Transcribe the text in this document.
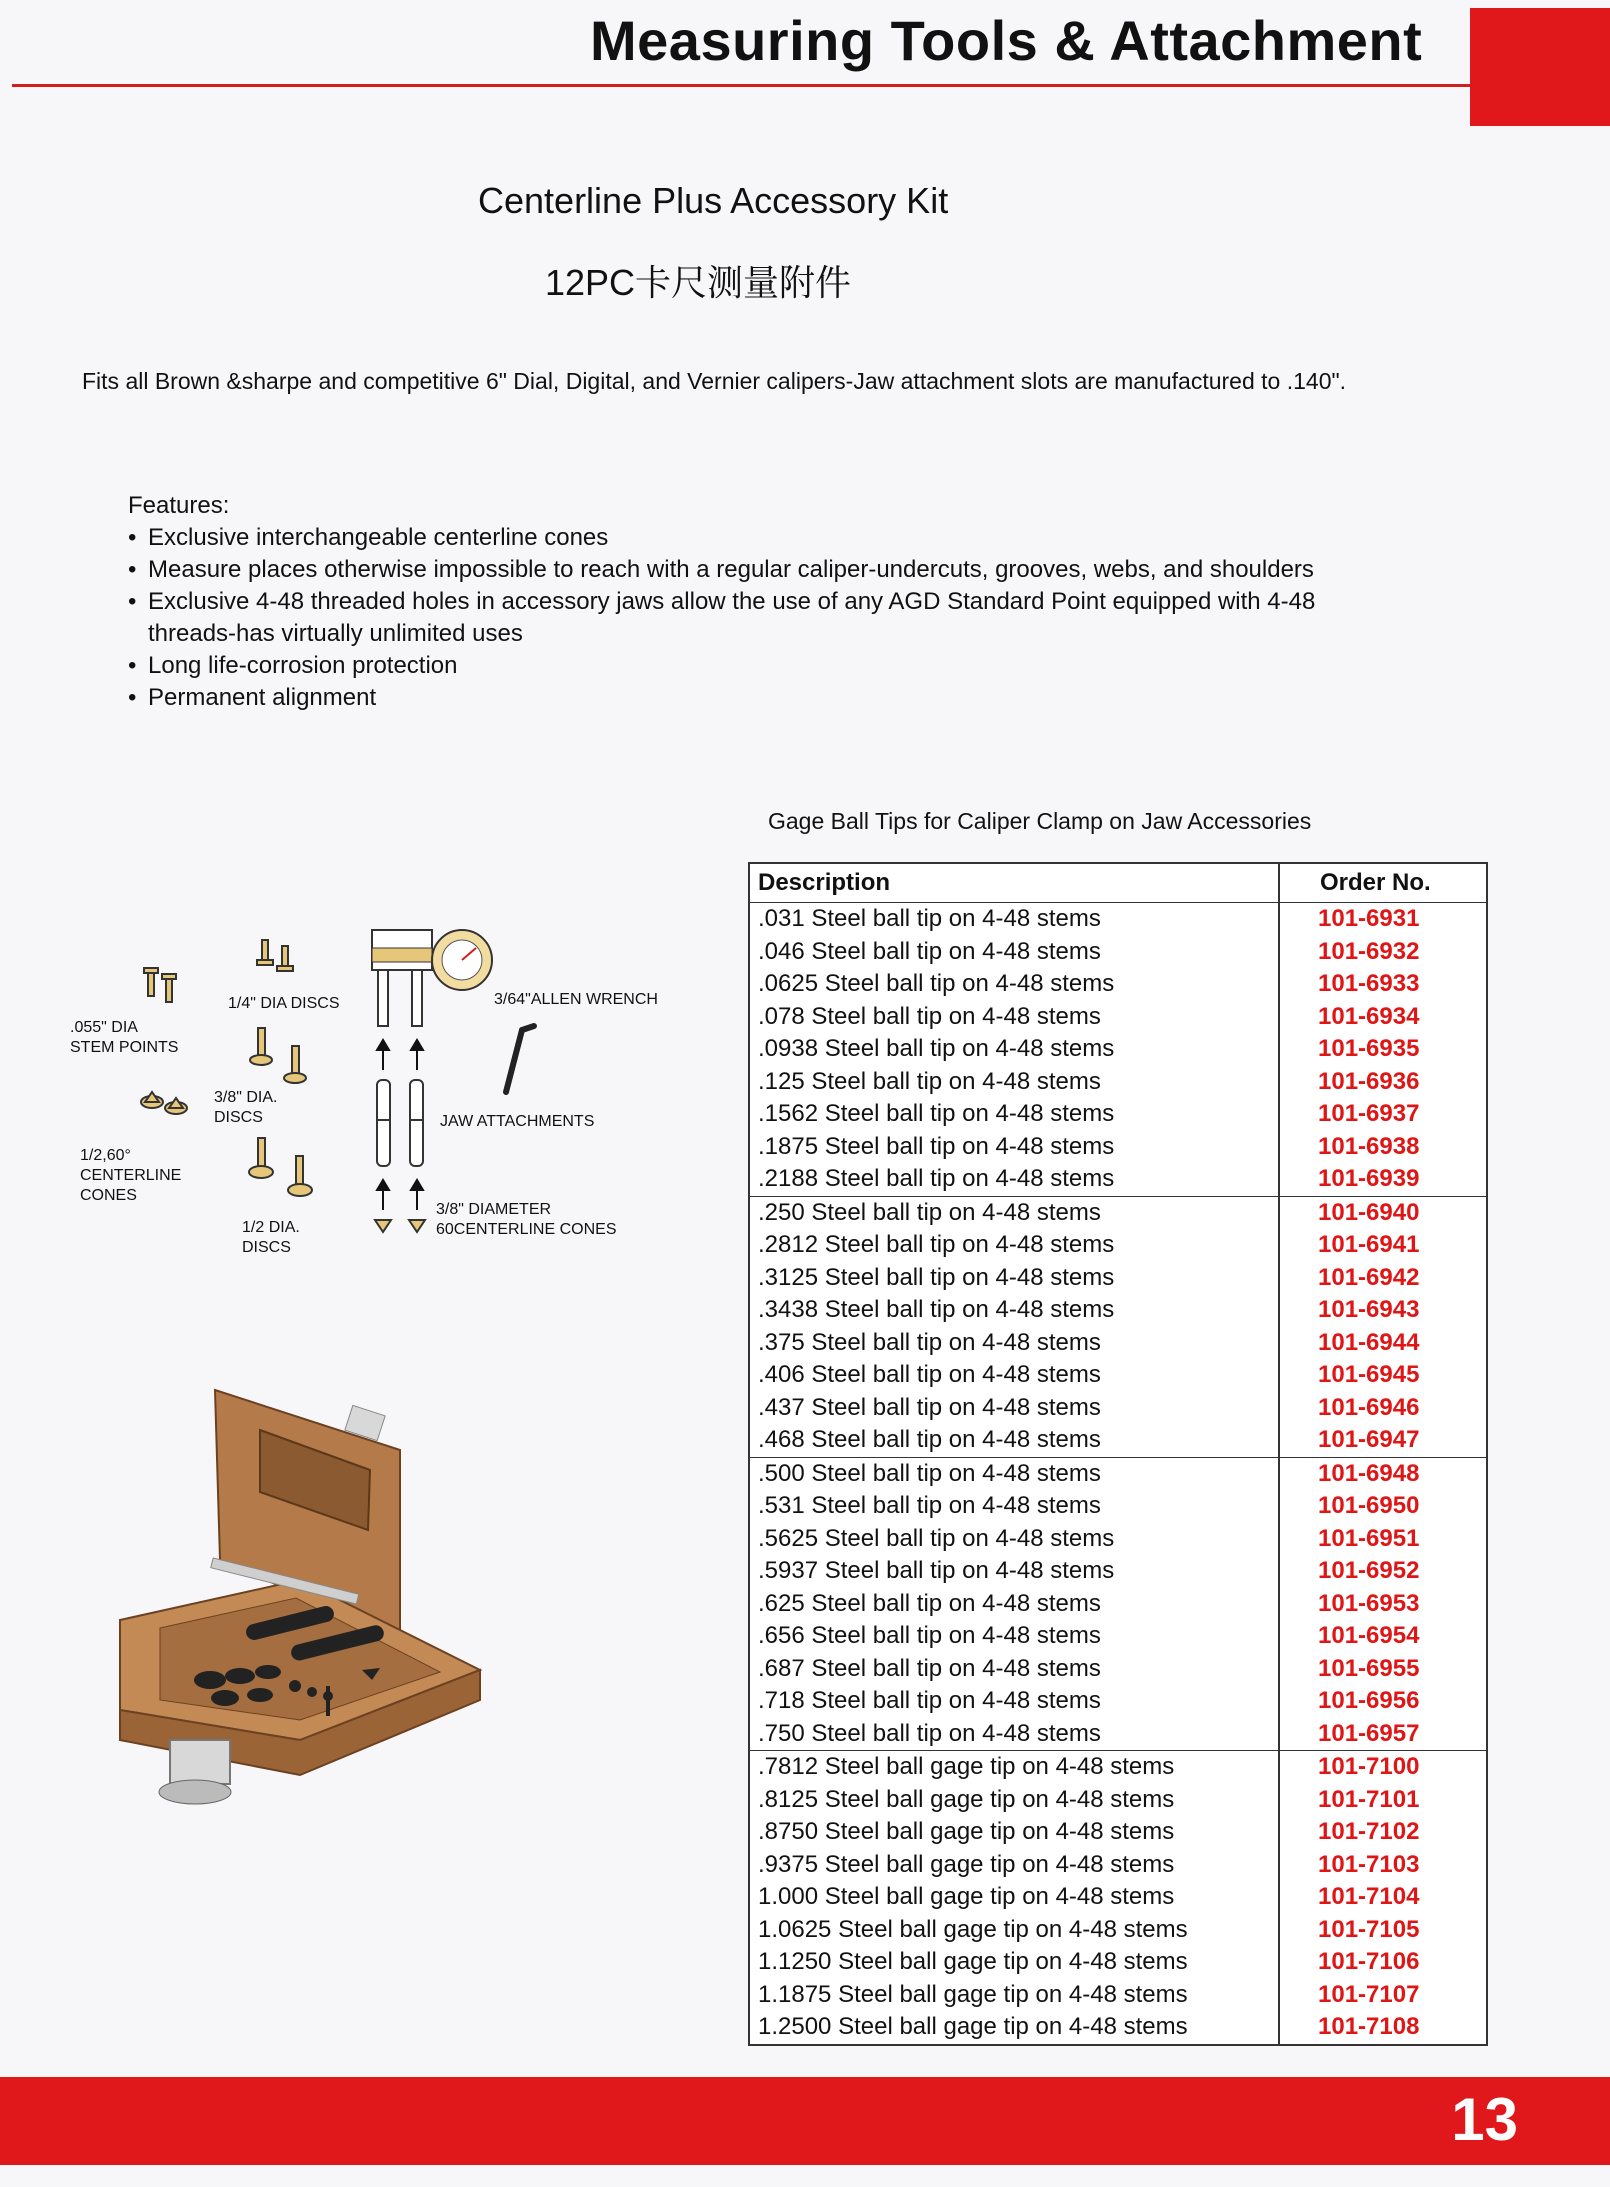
Measuring Tools & Attachment
Centerline Plus Accessory Kit
12PC卡尺测量附件
Fits all Brown &sharpe and competitive 6" Dial, Digital, and Vernier calipers-Jaw attachment slots are manufactured to .140".
Features:
• Exclusive interchangeable centerline cones
• Measure places otherwise impossible to reach with a regular caliper-undercuts, grooves, webs, and shoulders
• Exclusive 4-48 threaded holes in accessory jaws allow the use of any AGD Standard Point equipped with 4-48 threads-has virtually unlimited uses
• Long life-corrosion protection
• Permanent alignment
.055" DIA
STEM POINTS
1/4" DIA DISCS
3/8" DIA.
DISCS
1/2,60°
CENTERLINE
CONES
1/2 DIA.
DISCS
3/64"ALLEN WRENCH
JAW ATTACHMENTS
3/8" DIAMETER
60CENTERLINE CONES
Gage Ball Tips for Caliper Clamp on Jaw Accessories
Description	Order No.
.031 Steel ball tip on 4-48 stems	101-6931
.046 Steel ball tip on 4-48 stems	101-6932
.0625 Steel ball tip on 4-48 stems	101-6933
.078 Steel ball tip on 4-48 stems	101-6934
.0938 Steel ball tip on 4-48 stems	101-6935
.125 Steel ball tip on 4-48 stems	101-6936
.1562 Steel ball tip on 4-48 stems	101-6937
.1875 Steel ball tip on 4-48 stems	101-6938
.2188 Steel ball tip on 4-48 stems	101-6939
.250 Steel ball tip on 4-48 stems	101-6940
.2812 Steel ball tip on 4-48 stems	101-6941
.3125 Steel ball tip on 4-48 stems	101-6942
.3438 Steel ball tip on 4-48 stems	101-6943
.375 Steel ball tip on 4-48 stems	101-6944
.406 Steel ball tip on 4-48 stems	101-6945
.437 Steel ball tip on 4-48 stems	101-6946
.468 Steel ball tip on 4-48 stems	101-6947
.500 Steel ball tip on 4-48 stems	101-6948
.531 Steel ball tip on 4-48 stems	101-6950
.5625 Steel ball tip on 4-48 stems	101-6951
.5937 Steel ball tip on 4-48 stems	101-6952
.625 Steel ball tip on 4-48 stems	101-6953
.656 Steel ball tip on 4-48 stems	101-6954
.687 Steel ball tip on 4-48 stems	101-6955
.718 Steel ball tip on 4-48 stems	101-6956
.750 Steel ball tip on 4-48 stems	101-6957
.7812 Steel ball gage tip on 4-48 stems	101-7100
.8125 Steel ball gage tip on 4-48 stems	101-7101
.8750 Steel ball gage tip on 4-48 stems	101-7102
.9375 Steel ball gage tip on 4-48 stems	101-7103
1.000 Steel ball gage tip on 4-48 stems	101-7104
1.0625 Steel ball gage tip on 4-48 stems	101-7105
1.1250 Steel ball gage tip on 4-48 stems	101-7106
1.1875 Steel ball gage tip on 4-48 stems	101-7107
1.2500 Steel ball gage tip on 4-48 stems	101-7108
13
